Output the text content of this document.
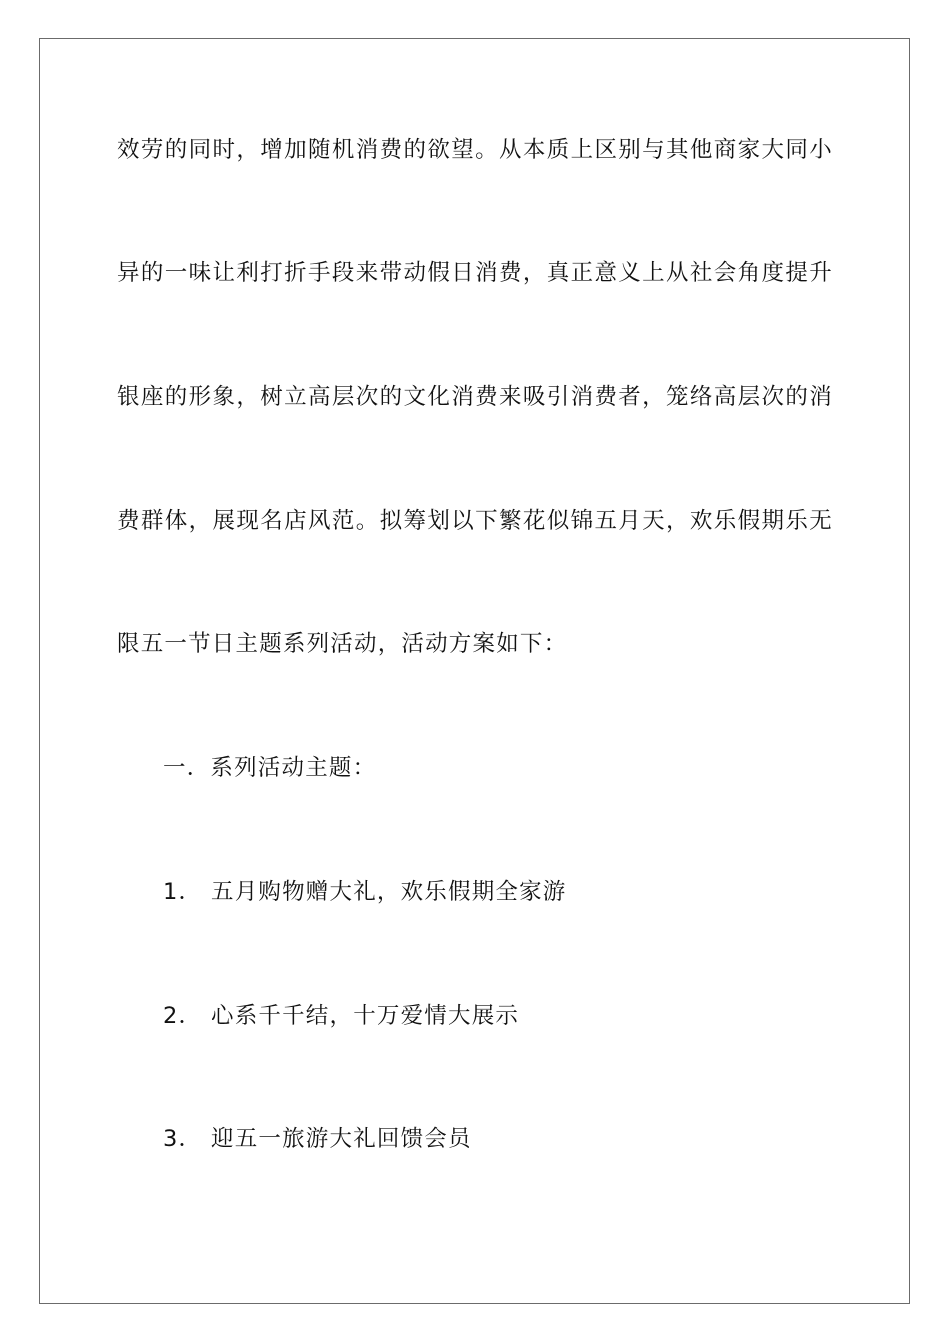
效劳的同时，增加随机消费的欲望。从本质上区别与其他商家大同小
异的一味让利打折手段来带动假日消费，真正意义上从社会角度提升
银座的形象，树立高层次的文化消费来吸引消费者，笼络高层次的消
费群体，展现名店风范。拟筹划以下繁花似锦五月天，欢乐假期乐无
限五一节日主题系列活动，活动方案如下：
一．系列活动主题：
1． 五月购物赠大礼，欢乐假期全家游
2． 心系千千结，十万爱情大展示
3． 迎五一旅游大礼回馈会员
